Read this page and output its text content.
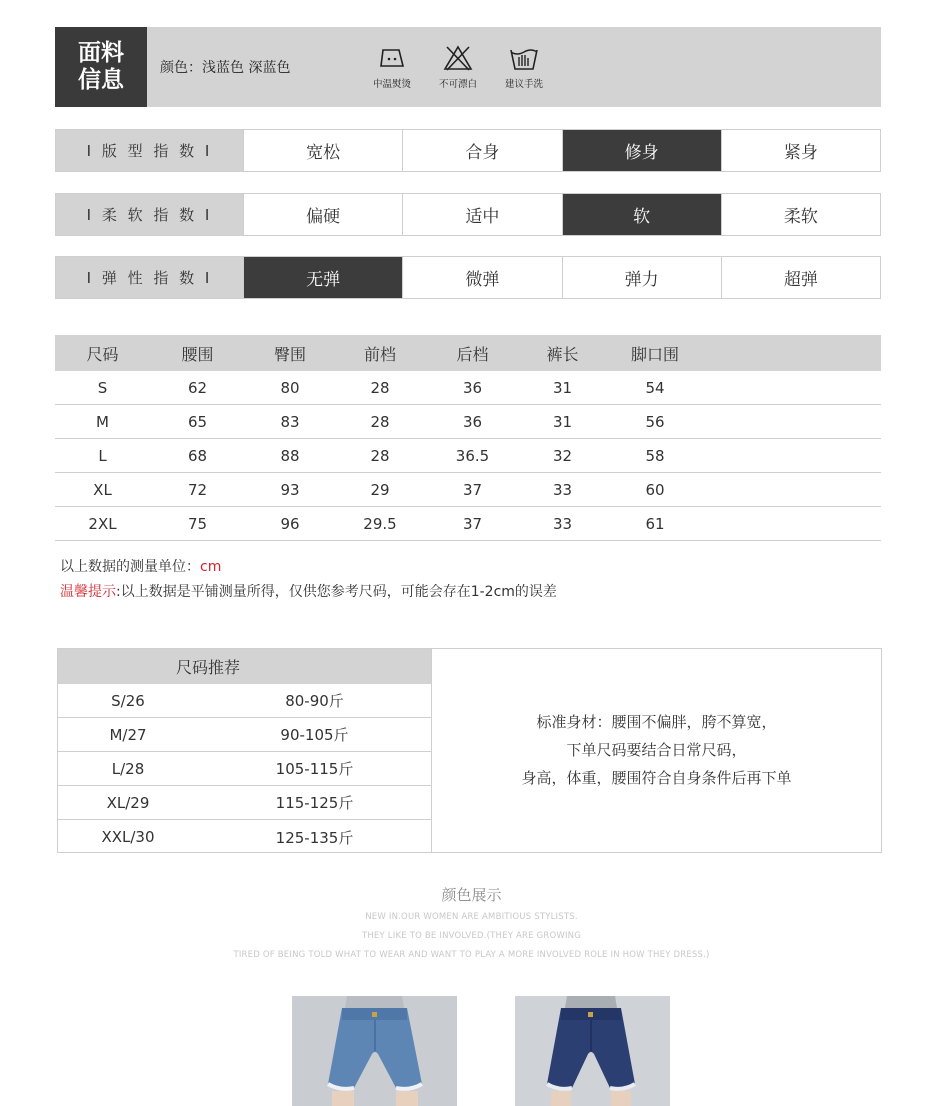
面料
信息	颜色：浅蓝色 深蓝色
中温熨烫	不可漂白	建议手洗
I 版 型 指 数 I	宽松	合身	修身	紧身
I 柔 软 指 数 I	偏硬	适中	软	柔软
I 弹 性 指 数 I	无弹	微弹	弹力	超弹
尺码	腰围	臀围	前档	后档	裤长	脚口围
S	62	80	28	36	31	54
M	65	83	28	36	31	56
L	68	88	28	36.5	32	58
XL	72	93	29	37	33	60
2XL	75	96	29.5	37	33	61
以上数据的测量单位：cm
温馨提示:以上数据是平铺测量所得，仅供您参考尺码，可能会存在1-2cm的误差
尺码推荐
S/26	80-90斤
M/27	90-105斤
L/28	105-115斤
XL/29	115-125斤
XXL/30	125-135斤
标准身材：腰围不偏胖，胯不算宽，
下单尺码要结合日常尺码，
身高，体重，腰围符合自身条件后再下单
颜色展示
NEW IN.OUR WOMEN ARE AMBITIOUS STYLISTS.
THEY LIKE TO BE INVOLVED.(THEY ARE GROWING
TIRED OF BEING TOLD WHAT TO WEAR AND WANT TO PLAY A MORE INVOLVED ROLE IN HOW THEY DRESS.)
